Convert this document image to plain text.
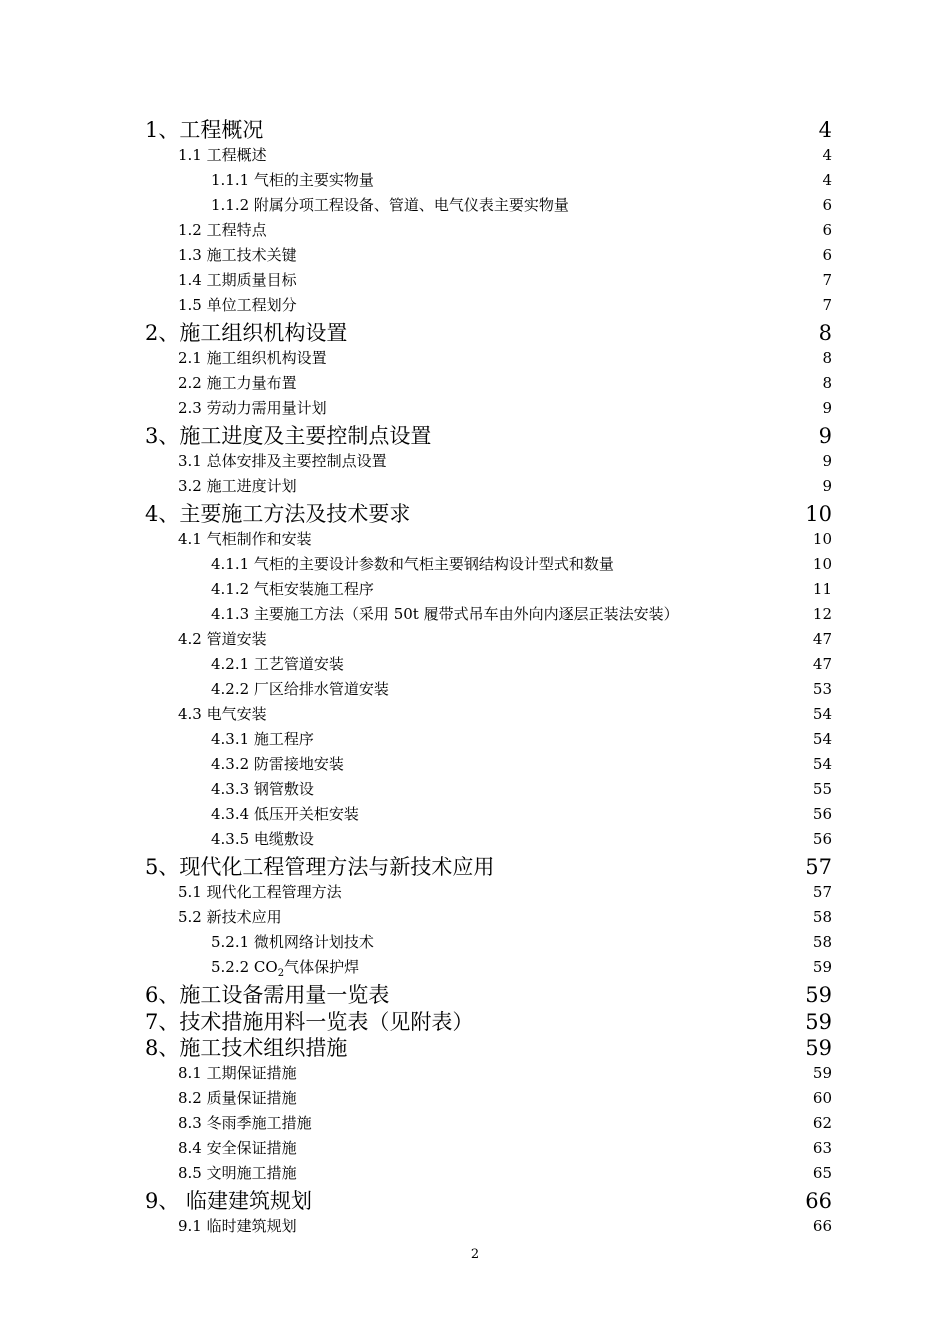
1、工程概况	4
1.1 工程概述	4
1.1.1 气柜的主要实物量	4
1.1.2 附属分项工程设备、管道、电气仪表主要实物量	6
1.2 工程特点	6
1.3 施工技术关键	6
1.4 工期质量目标	7
1.5 单位工程划分	7
2、施工组织机构设置	8
2.1 施工组织机构设置	8
2.2 施工力量布置	8
2.3 劳动力需用量计划	9
3、施工进度及主要控制点设置	9
3.1 总体安排及主要控制点设置	9
3.2 施工进度计划	9
4、主要施工方法及技术要求	10
4.1 气柜制作和安装	10
4.1.1 气柜的主要设计参数和气柜主要钢结构设计型式和数量	10
4.1.2 气柜安装施工程序	11
4.1.3 主要施工方法（采用 50t 履带式吊车由外向内逐层正装法安装）	12
4.2 管道安装	47
4.2.1 工艺管道安装	47
4.2.2 厂区给排水管道安装	53
4.3 电气安装	54
4.3.1 施工程序	54
4.3.2 防雷接地安装	54
4.3.3 钢管敷设	55
4.3.4 低压开关柜安装	56
4.3.5 电缆敷设	56
5、现代化工程管理方法与新技术应用	57
5.1 现代化工程管理方法	57
5.2 新技术应用	58
5.2.1 微机网络计划技术	58
5.2.2 $CO_2$气体保护焊	59
6、施工设备需用量一览表	59
7、技术措施用料一览表（见附表）	59
8、施工技术组织措施	59
8.1 工期保证措施	59
8.2 质量保证措施	60
8.3 冬雨季施工措施	62
8.4 安全保证措施	63
8.5 文明施工措施	65
9、 临建建筑规划	66
9.1 临时建筑规划	66
2
